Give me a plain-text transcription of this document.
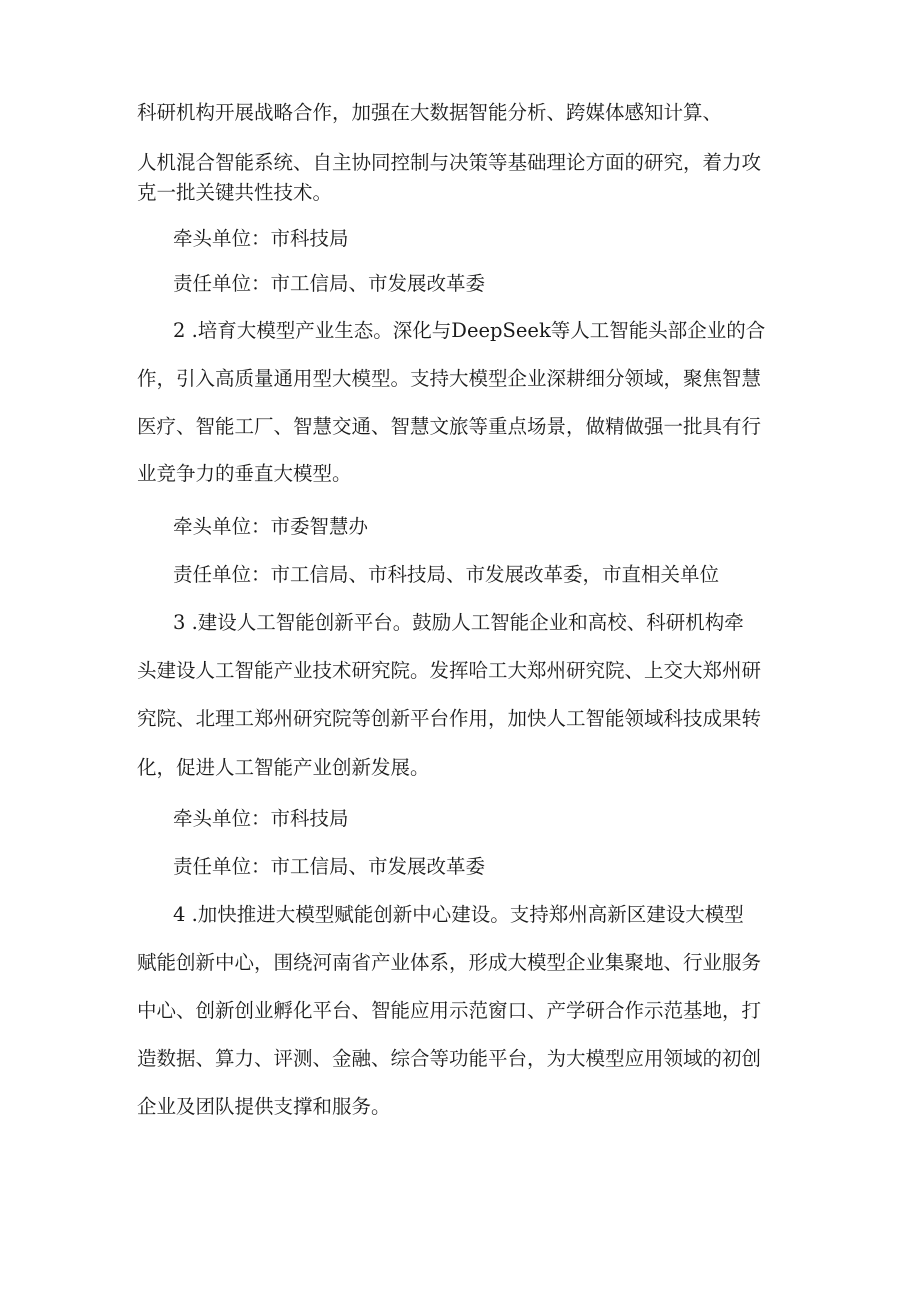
科研机构开展战略合作，加强在大数据智能分析、跨媒体感知计算、
人机混合智能系统、自主协同控制与决策等基础理论方面的研究，着力攻
克一批关键共性技术。
牵头单位：市科技局
责任单位：市工信局、市发展改革委
2 .培育大模型产业生态。深化与DeepSeek等人工智能头部企业的合
作，引入高质量通用型大模型。支持大模型企业深耕细分领域，聚焦智慧
医疗、智能工厂、智慧交通、智慧文旅等重点场景，做精做强一批具有行
业竞争力的垂直大模型。
牵头单位：市委智慧办
责任单位：市工信局、市科技局、市发展改革委，市直相关单位
3 .建设人工智能创新平台。鼓励人工智能企业和高校、科研机构牵
头建设人工智能产业技术研究院。发挥哈工大郑州研究院、上交大郑州研
究院、北理工郑州研究院等创新平台作用，加快人工智能领域科技成果转
化，促进人工智能产业创新发展。
牵头单位：市科技局
责任单位：市工信局、市发展改革委
4 .加快推进大模型赋能创新中心建设。支持郑州高新区建设大模型
赋能创新中心，围绕河南省产业体系，形成大模型企业集聚地、行业服务
中心、创新创业孵化平台、智能应用示范窗口、产学研合作示范基地，打
造数据、算力、评测、金融、综合等功能平台，为大模型应用领域的初创
企业及团队提供支撑和服务。
